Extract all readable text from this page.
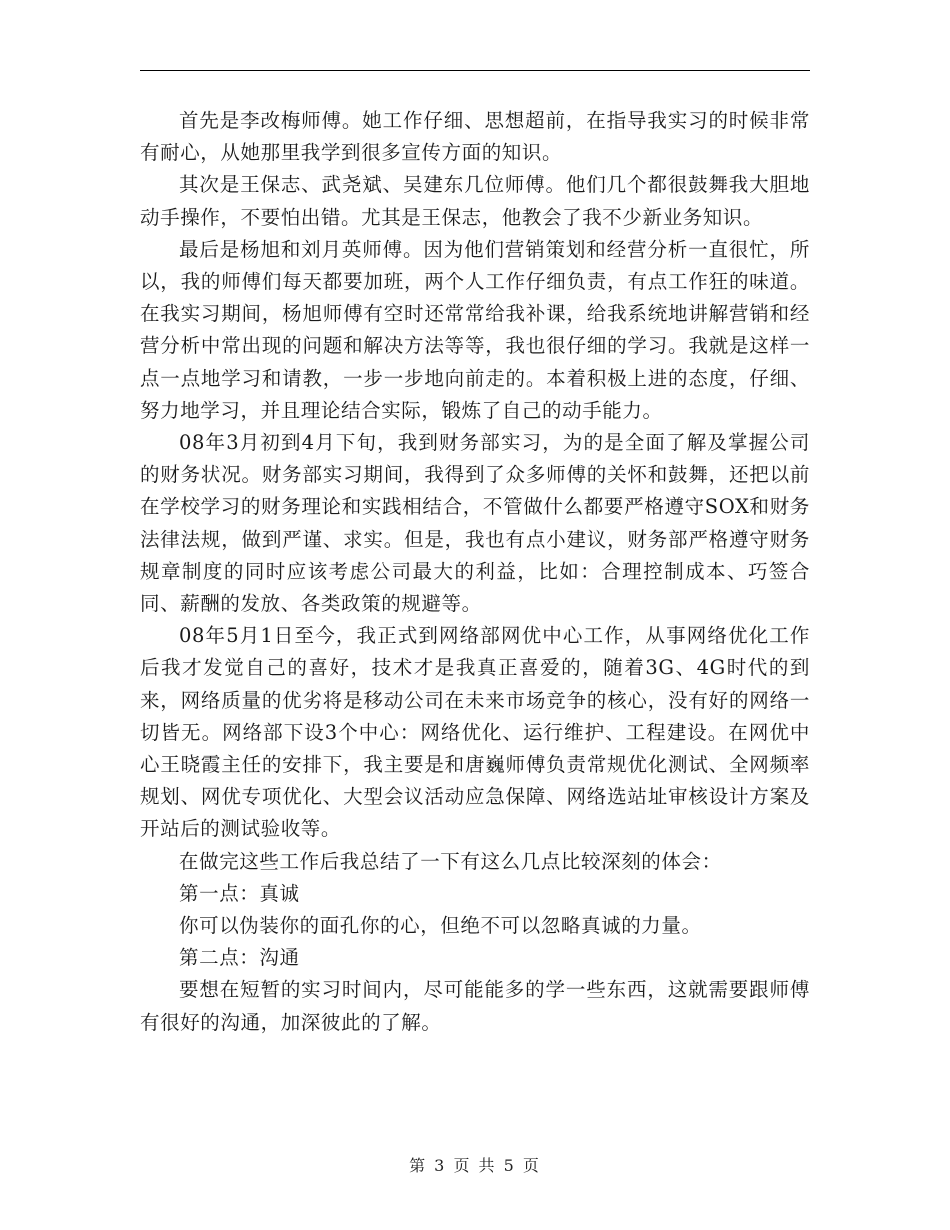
首先是李改梅师傅。她工作仔细、思想超前，在指导我实习的时候非常有耐心，从她那里我学到很多宣传方面的知识。

其次是王保志、武尧斌、吴建东几位师傅。他们几个都很鼓舞我大胆地动手操作，不要怕出错。尤其是王保志，他教会了我不少新业务知识。

最后是杨旭和刘月英师傅。因为他们营销策划和经营分析一直很忙，所以，我的师傅们每天都要加班，两个人工作仔细负责，有点工作狂的味道。在我实习期间，杨旭师傅有空时还常常给我补课，给我系统地讲解营销和经营分析中常出现的问题和解决方法等等，我也很仔细的学习。我就是这样一点一点地学习和请教，一步一步地向前走的。本着积极上进的态度，仔细、努力地学习，并且理论结合实际，锻炼了自己的动手能力。

08年3月初到4月下旬，我到财务部实习，为的是全面了解及掌握公司的财务状况。财务部实习期间，我得到了众多师傅的关怀和鼓舞，还把以前在学校学习的财务理论和实践相结合，不管做什么都要严格遵守SOX和财务法律法规，做到严谨、求实。但是，我也有点小建议，财务部严格遵守财务规章制度的同时应该考虑公司最大的利益，比如：合理控制成本、巧签合同、薪酬的发放、各类政策的规避等。

08年5月1日至今，我正式到网络部网优中心工作，从事网络优化工作后我才发觉自己的喜好，技术才是我真正喜爱的，随着3G、4G时代的到来，网络质量的优劣将是移动公司在未来市场竞争的核心，没有好的网络一切皆无。网络部下设3个中心：网络优化、运行维护、工程建设。在网优中心王晓霞主任的安排下，我主要是和唐巍师傅负责常规优化测试、全网频率规划、网优专项优化、大型会议活动应急保障、网络选站址审核设计方案及开站后的测试验收等。

在做完这些工作后我总结了一下有这么几点比较深刻的体会：

第一点：真诚

你可以伪装你的面孔你的心，但绝不可以忽略真诚的力量。

第二点：沟通

要想在短暂的实习时间内，尽可能能多的学一些东西，这就需要跟师傅有很好的沟通，加深彼此的了解。

第 3 页 共 5 页
